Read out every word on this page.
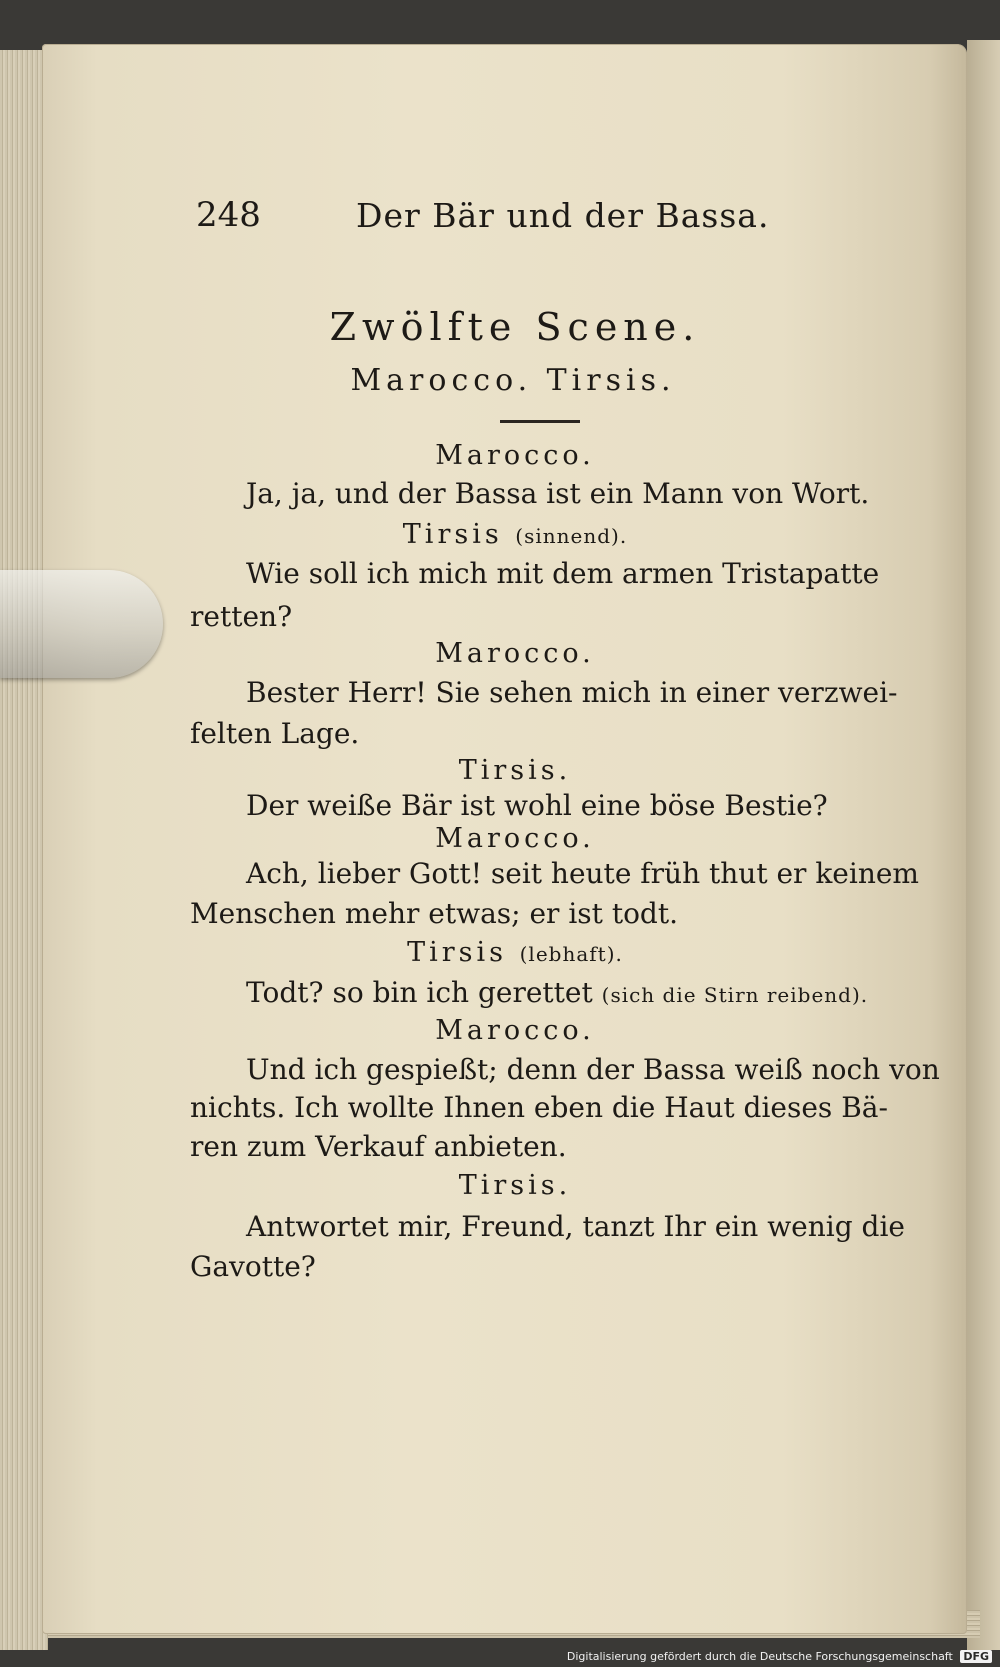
248	Der Bär und der Bassa.
Zwölfte Scene.
Marocco. Tirsis.
Marocco.
Ja, ja, und der Bassa ist ein Mann von Wort.
Tirsis (sinnend).
Wie soll ich mich mit dem armen Tristapatte
retten?
Marocco.
Bester Herr! Sie sehen mich in einer verzwei-
felten Lage.
Tirsis.
Der weiße Bär ist wohl eine böse Bestie?
Marocco.
Ach, lieber Gott! seit heute früh thut er keinem
Menschen mehr etwas; er ist todt.
Tirsis (lebhaft).
Todt? so bin ich gerettet (sich die Stirn reibend).
Marocco.
Und ich gespießt; denn der Bassa weiß noch von
nichts. Ich wollte Ihnen eben die Haut dieses Bä-
ren zum Verkauf anbieten.
Tirsis.
Antwortet mir, Freund, tanzt Ihr ein wenig die
Gavotte?
Digitalisierung gefördert durch die Deutsche Forschungsgemeinschaft DFG
